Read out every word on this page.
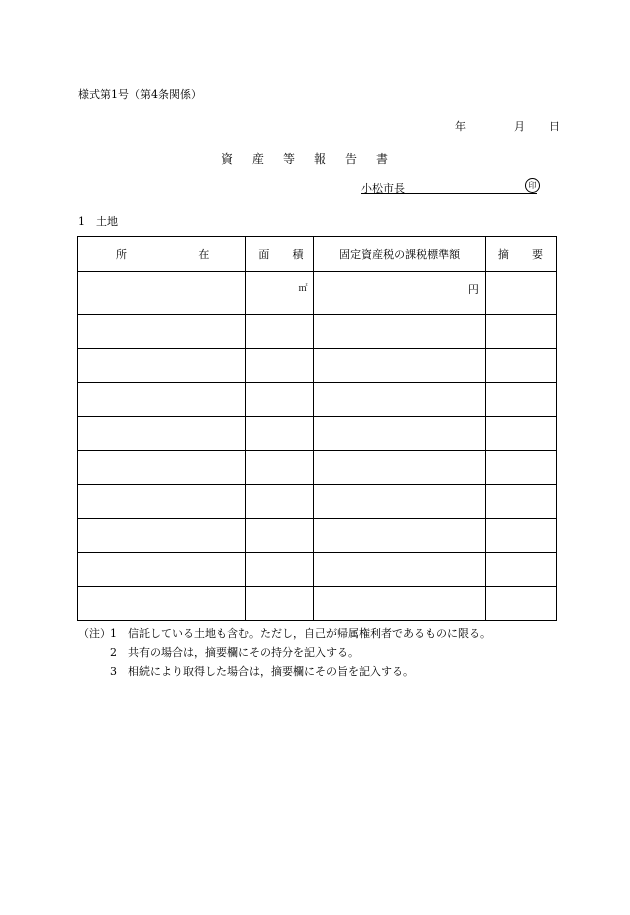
様式第1号（第4条関係）
年	月 日
資産等報告書
小松市長	印
1　土地
所 在	面 積	固定資産税の課税標準額	摘 要

	㎡	円	

（注） 1	信託している土地も含む。ただし，自己が帰属権利者であるものに限る。
2	共有の場合は，摘要欄にその持分を記入する。
3	相続により取得した場合は，摘要欄にその旨を記入する。
